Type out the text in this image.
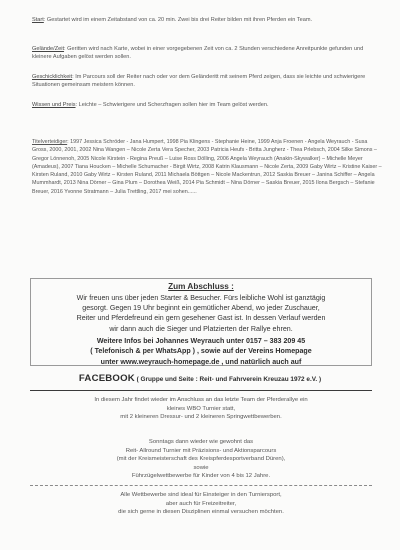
Start: Gestartet wird im einem Zeitabstand von ca. 20 min. Zwei bis drei Reiter bilden mit ihren Pferden ein Team.
Gelände/Zeit: Geritten wird nach Karte, wobei in einer vorgegebenen Zeit von ca. 2 Stunden verschiedene Anreitpunkte gefunden und kleinere Aufgaben gelöst werden sollen.
Geschicklichkeit: Im Parcours soll der Reiter nach oder vor dem Geländeritt mit seinem Pferd zeigen, dass sie leichte und schwierigere Situationen gemeinsam meistern können.
Wissen und Preis: Leichte – Schwierigere und Scherzfragen sollen hier im Team gelöst werden.
Titelverteidiger: 1997 Jessica Schröder - Jana Humpert, 1998 Pia Klingens - Stephanie Heine, 1999 Anja Froenen - Angela Weyrauch - Susa Gross, 2000, 2001, 2002 Nina Wangen – Nicole Zerta Vera Specher, 2003 Patricia Heufs - Britta Jungherz - Thea Prlebsch, 2004 Silke Simons – Gregor Lönnenoh, 2005 Nicole Kirstein - Regina Preuß – Luise Ross Dölling, 2006 Angela Weyrauch (Anakin-Skywalker) – Michelle Meyer (Amadeus), 2007 Tiana Houcken – Michelle Schumacher - Birgit Wirtz, 2008 Katrin Klausmann – Nicole Zerta, 2009 Gaby Wirtz – Kristine Kaiser – Kirsten Ruland, 2010 Gaby Wirtz – Kirsten Ruland, 2011 Michaela Böttgen – Nicole Mackentrun, 2012 Saskia Breuer – Janina Schiffer – Angela Mummhardt, 2013 Nina Dörner – Gina Plum – Dorothea Weiß, 2014 Pia Schmidt – Nina Dörner – Saskia Breuer, 2015 Ilona Bergsch – Stefanie Breuer, 2016 Yvonne Stratmann – Julia Trettling, 2017 mei sohen......
Zum Abschluss :
Wir freuen uns über jeden Starter & Besucher. Fürs leibliche Wohl ist ganztägig
gesorgt. Gegen 19 Uhr beginnt ein gemütlicher Abend, wo jeder Zuschauer,
Reiter und Pferdefreund ein gern gesehener Gast ist. In dessen Verlauf werden
wir dann auch die Sieger und Platzierten der Rallye ehren.
Weitere Infos bei Johannes Weyrauch unter 0157 – 383 209 45
( Telefonisch & per WhatsApp ) , sowie auf der Vereins Homepage
unter www.weyrauch-homepage.de , und natürlich auch auf
FACEBOOK ( Gruppe und Seite : Reit- und Fahrverein Kreuzau 1972 e.V. )
In diesem Jahr findet wieder im Anschluss an das letzte Team der Pferderallye ein
kleines WBO Turnier statt,
mit 2 kleineren Dressur- und 2 kleineren Springwettbewerben.
Sonntags dann wieder wie gewohnt das
Reit- Allround Turnier mit Präzisions- und Aktionsparcours
(mit der Kreismeisterschaft des Kreispferdesportverband Düren),
sowie
Führzügelwettbewerbe für Kinder von 4 bis 12 Jahre.
Alle Wettbewerbe sind ideal für Einsteiger in den Turniersport,
aber auch für Freizeitreiter,
die sich gerne in diesen Disziplinen einmal versuchen möchten.
